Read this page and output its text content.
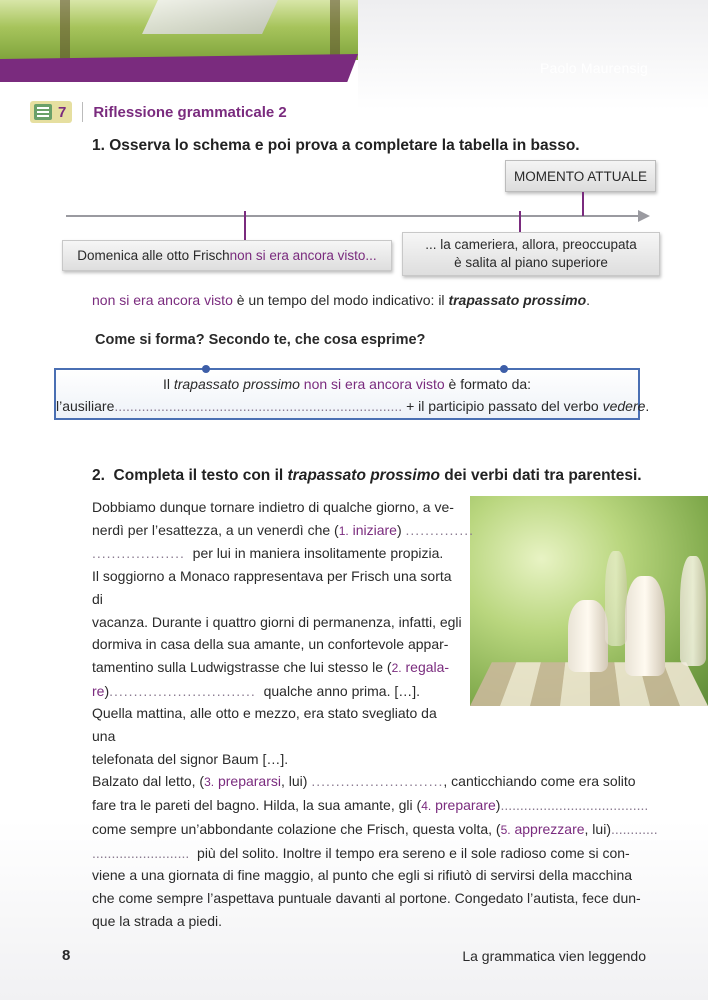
Paolo Maurensig
7 Riflessione grammaticale 2
1. Osserva lo schema e poi prova a completare la tabella in basso.
MOMENTO ATTUALE
Domenica alle otto Frisch non si era ancora visto...
... la cameriera, allora, preoccupata
è salita al piano superiore
non si era ancora visto è un tempo del modo indicativo: il trapassato prossimo.
Come si forma? Secondo te, che cosa esprime?
Il trapassato prossimo non si era ancora visto è formato da:
l’ausiliare.......................................................................... + il participio passato del verbo vedere.
2.  Completa il testo con il trapassato prossimo dei verbi dati tra parentesi.
Dobbiamo dunque tornare indietro di qualche giorno, a ve-
nerdì per l’esattezza, a un venerdì che (1. iniziare) ..............
...................  per lui in maniera insolitamente propizia.
Il soggiorno a Monaco rappresentava per Frisch una sorta di
vacanza. Durante i quattro giorni di permanenza, infatti, egli
dormiva in casa della sua amante, un confortevole appar-
tamentino sulla Ludwigstrasse che lui stesso le (2. regala-
re)..............................  qualche anno prima. […].
Quella mattina, alle otto e mezzo, era stato svegliato da una
telefonata del signor Baum […].
Balzato dal letto, (3. prepararsi, lui) ..........................., canticchiando come era solito
fare tra le pareti del bagno. Hilda, la sua amante, gli (4. preparare)......................................
come sempre un’abbondante colazione che Frisch, questa volta, (5. apprezzare, lui)............
.........................  più del solito. Inoltre il tempo era sereno e il sole radioso come si con-
viene a una giornata di fine maggio, al punto che egli si rifiutò di servirsi della macchina
che come sempre l’aspettava puntuale davanti al portone. Congedato l’autista, fece dun-
que la strada a piedi.
8	La grammatica vien leggendo
